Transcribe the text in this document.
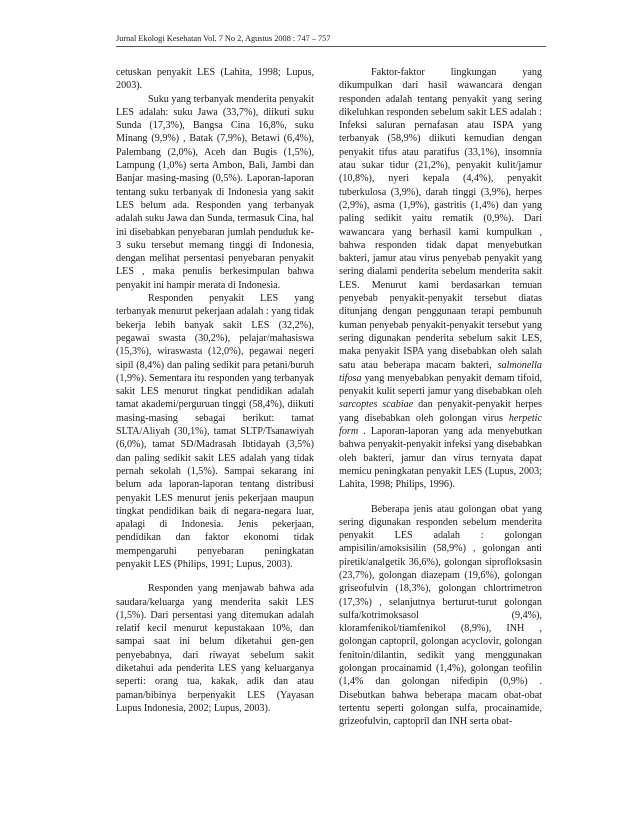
Jurnal Ekologi Kesehatan Vol. 7 No 2, Agustus 2008 : 747 – 757

cetuskan penyakit LES (Lahita, 1998; Lupus, 2003).

Suku yang terbanyak menderita penyakit LES adalah: suku Jawa (33,7%), diikuti suku Sunda (17,3%), Bangsa Cina 16,8%, suku Minang (9,9%) , Batak (7,9%), Betawi (6,4%), Palembang (2,0%), Aceh dan Bugis (1,5%), Lampung (1,0%) serta Ambon, Bali, Jambi dan Banjar masing-masing (0,5%). Laporan-laporan tentang suku terbanyak di Indonesia yang sakit LES belum ada. Responden yang terbanyak adalah suku Jawa dan Sunda, termasuk Cina, hal ini disebabkan penyebaran jumlah penduduk ke-3 suku tersebut memang tinggi di Indonesia, dengan melihat persentasi penyebaran penyakit LES , maka penulis berkesimpulan bahwa penyakit ini hampir merata di Indonesia.

Responden penyakit LES yang terbanyak menurut pekerjaan adalah : yang tidak bekerja lebih banyak sakit LES (32,2%), pegawai swasta (30,2%), pelajar/mahasiswa (15,3%), wiraswasta (12,0%), pegawai negeri sipil (8,4%) dan paling sedikit para petani/buruh (1,9%). Sementara itu responden yang terbanyak sakit LES menurut tingkat pendidikan adalah tamat akademi/perguruan tinggi (58,4%), diikuti masing-masing sebagai berikut: tamat SLTA/Aliyah (30,1%), tamat SLTP/Tsanawiyah (6,0%), tamat SD/Madrasah Ibtidayah (3,5%) dan paling sedikit sakit LES adalah yang tidak pernah sekolah (1,5%). Sampai sekarang ini belum ada laporan-laporan tentang distribusi penyakit LES menurut jenis pekerjaan maupun tingkat pendidikan baik di negara-negara luar, apalagi di Indonesia. Jenis pekerjaan, pendidikan dan faktor ekonomi tidak mempengaruhi penyebaran peningkatan penyakit LES (Philips, 1991; Lupus, 2003).

Responden yang menjawab bahwa ada saudara/keluarga yang menderita sakit LES (1,5%). Dari persentasi yang ditemukan adalah relatif kecil menurut kepustakaan 10%, dan sampai saat ini belum diketahui gen-gen penyebabnya, dari riwayat sebelum sakit diketahui ada penderita LES yang keluarganya seperti: orang tua, kakak, adik dan atau paman/bibinya berpenyakit LES (Yayasan Lupus Indonesia, 2002; Lupus, 2003).

Faktor-faktor lingkungan yang dikumpulkan dari hasil wawancara dengan responden adalah tentang penyakit yang sering dikeluhkan responden sebelum sakit LES adalah : Infeksi saluran pernafasan atau ISPA yang terbanyak (58,9%) diikuti kemudian dengan penyakit tifus atau paratifus (33,1%), insomnia atau sukar tidur (21,2%), penyakit kulit/jamur (10,8%), nyeri kepala (4,4%), penyakit tuberkulosa (3,9%), darah tinggi (3,9%), herpes (2,9%), asma (1,9%), gastritis (1,4%) dan yang paling sedikit yaitu rematik (0,9%). Dari wawancara yang berhasil kami kumpulkan , bahwa responden tidak dapat menyebutkan bakteri, jamur atau virus penyebab penyakit yang sering dialami penderita sebelum menderita sakit LES. Menurut kami berdasarkan temuan penyebab penyakit-penyakit tersebut diatas ditunjang dengan penggunaan terapi pembunuh kuman penyebab penyakit-penyakit tersebut yang sering digunakan penderita sebelum sakit LES, maka penyakit ISPA yang disebabkan oleh salah satu atau beberapa macam bakteri, salmonella tifosa yang menyebabkan penyakit demam tifoid, penyakit kulit seperti jamur yang disebabkan oleh sarcoptes scabiae dan penyakit-penyakit herpes yang disebabkan oleh golongan virus herpetic form . Laporan-laporan yang ada menyebutkan bahwa penyakit-penyakit infeksi yang disebabkan oleh bakteri, jamur dan virus ternyata dapat memicu peningkatan penyakit LES (Lupus, 2003; Lahita, 1998; Philips, 1996).

Beberapa jenis atau golongan obat yang sering digunakan responden sebelum menderita penyakit LES adalah : golongan ampisilin/amoksisilin (58,9%) , golongan anti piretik/analgetik 36,6%), golongan siprofloksasin (23,7%), golongan diazepam (19,6%), golongan griseofulvin (18,3%), golongan chlortrimetron (17,3%) , selanjutnya berturut-turut golongan sulfa/kotrimoksasol (9,4%), kloramfenikol/tiamfenikol (8,9%), INH , golongan captopril, golongan acyclovir, golongan fenitoin/dilantin, sedikit yang menggunakan golongan procainamid (1,4%), golongan teofilin (1,4% dan golongan nifedipin (0,9%) . Disebutkan bahwa beberapa macam obat-obat tertentu seperti golongan sulfa, procainamide, grizeofulvin, captopril dan INH serta obat-
